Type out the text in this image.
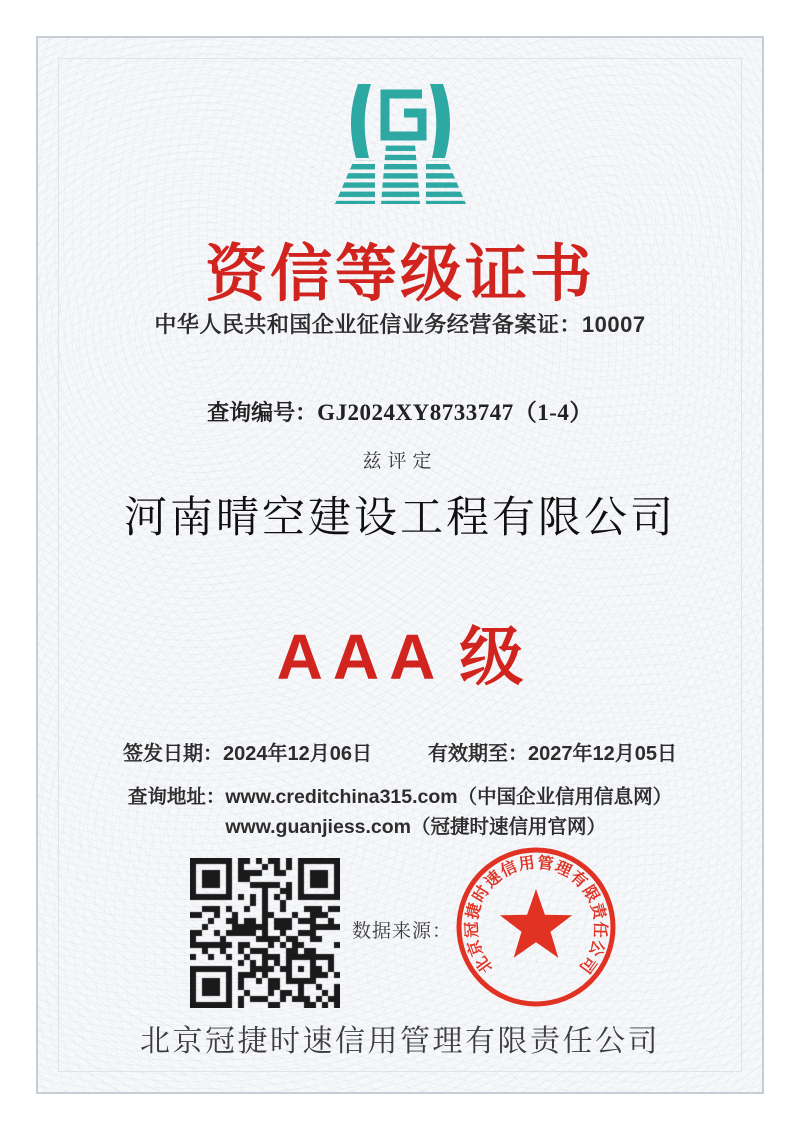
资信等级证书
中华人民共和国企业征信业务经营备案证：10007
查询编号：GJ2024XY8733747（1-4）
兹评定
河南晴空建设工程有限公司
AAA 级
签发日期：2024年12月06日	有效期至：2027年12月05日
查询地址： www.creditchina315.com（中国企业信用信息网）
www.guanjiess.com（冠捷时速信用官网）
数据来源：
北
京
冠
捷
时
速
信
用 管
理
有
限
责
任
公
司
北京冠捷时速信用管理有限责任公司
